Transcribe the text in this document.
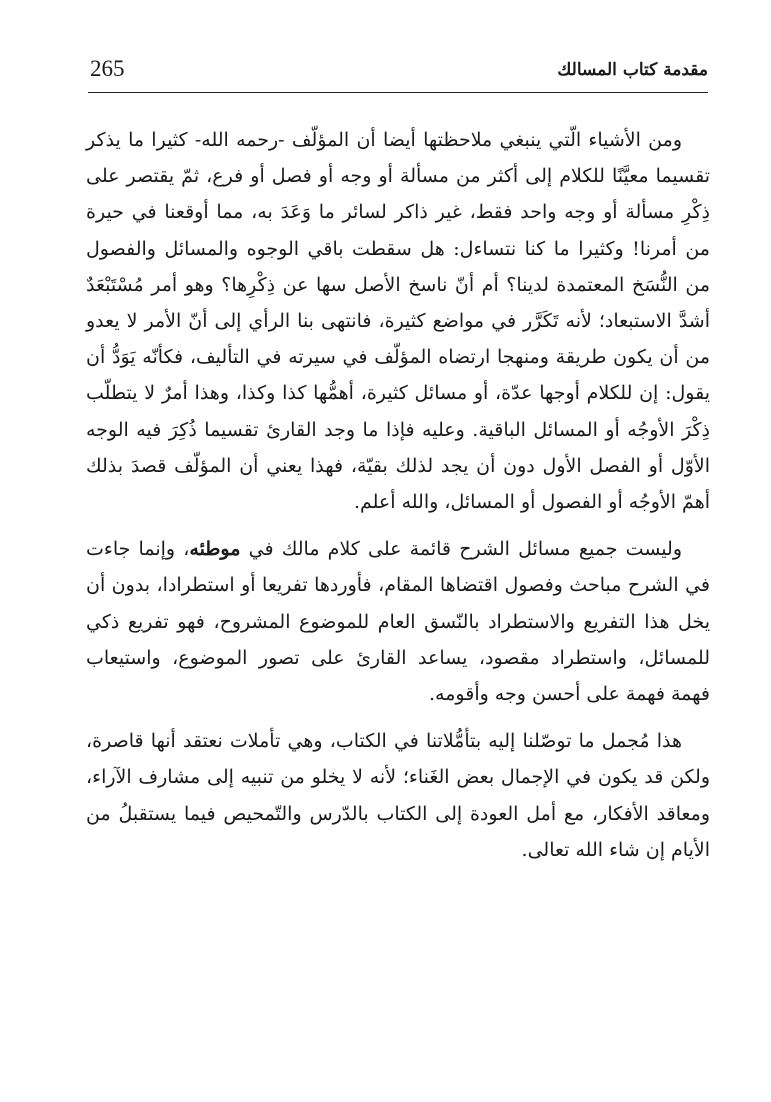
265	مقدمة كتاب المسالك

ومن الأشياء الّتي ينبغي ملاحظتها أيضا أن المؤلّف -رحمه الله- كثيرا ما يذكر تقسيما معيَّنًا للكلام إلى أكثر من مسألة أو وجه أو فصل أو فرع، ثمّ يقتصر على ذِكْرِ مسألة أو وجه واحد فقط، غير ذاكر لسائر ما وَعَدَ به، مما أوقعنا في حيرة من أمرنا! وكثيرا ما كنا نتساءل: هل سقطت باقي الوجوه والمسائل والفصول من النُّسَخ المعتمدة لدينا؟ أم أنّ ناسخ الأصل سها عن ذِكْرِها؟ وهو أمر مُسْتَبْعَدٌ أشدَّ الاستبعاد؛ لأنه تَكَرَّر في مواضع كثيرة، فانتهى بنا الرأي إلى أنّ الأمر لا يعدو من أن يكون طريقة ومنهجا ارتضاه المؤلّف في سيرته في التأليف، فكأنّه يَوَدُّ أن يقول: إن للكلام أوجها عدّة، أو مسائل كثيرة، أهمُّها كذا وكذا، وهذا أمرٌ لا يتطلّب ذِكْرَ الأوجُه أو المسائل الباقية. وعليه فإذا ما وجد القارئ تقسيما ذُكِرَ فيه الوجه الأوّل أو الفصل الأول دون أن يجد لذلك بقيّة، فهذا يعني أن المؤلّف قصدَ بذلك أهمّ الأوجُه أو الفصول أو المسائل، والله أعلم.

وليست جميع مسائل الشرح قائمة على كلام مالك في موطئه، وإنما جاءت في الشرح مباحث وفصول اقتضاها المقام، فأوردها تفريعا أو استطرادا، بدون أن يخل هذا التفريع والاستطراد بالنّسق العام للموضوع المشروح، فهو تفريع ذكي للمسائل، واستطراد مقصود، يساعد القارئ على تصور الموضوع، واستيعاب فهمة فهمة على أحسن وجه وأقومه.

هذا مُجمل ما توصّلنا إليه بتأمُّلاتنا في الكتاب، وهي تأملات نعتقد أنها قاصرة، ولكن قد يكون في الإجمال بعض الغَناء؛ لأنه لا يخلو من تنبيه إلى مشارف الآراء، ومعاقد الأفكار، مع أمل العودة إلى الكتاب بالدّرس والتّمحيص فيما يستقبلُ من الأيام إن شاء الله تعالى.
